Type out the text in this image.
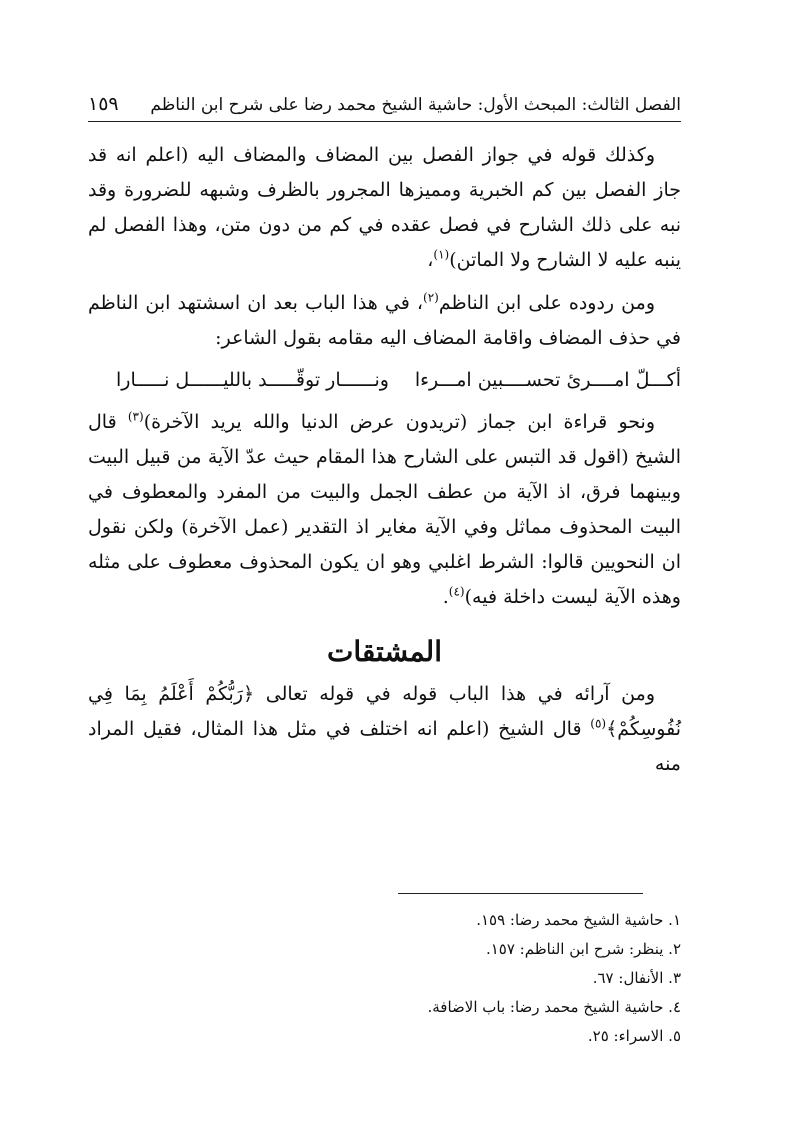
الفصل الثالث: المبحث الأول: حاشية الشيخ محمد رضا على شرح ابن الناظم
١٥٩

وكذلك قوله في جواز الفصل بين المضاف والمضاف اليه (اعلم انه قد جاز الفصل بين كم الخبرية ومميزها المجرور بالظرف وشبهه للضرورة وقد نبه على ذلك الشارح في فصل عقده في كم من دون متن، وهذا الفصل لم ينبه عليه لا الشارح ولا الماتن)$^{(١)}$،

ومن ردوده على ابن الناظم$^{(٢)}$، في هذا الباب بعد ان اسشتهد ابن الناظم في حذف المضاف واقامة المضاف اليه مقامه بقول الشاعر:

أكـــلّ امــــرئ تحســــبين امـــرءا
ونــــــار توقّـــــد بالليــــــل نـــــارا

ونحو قراءة ابن جماز (تريدون عرض الدنيا والله يريد الآخرة)$^{(٣)}$ قال الشيخ (اقول قد التبس على الشارح هذا المقام حيث عدّ الآية من قبيل البيت وبينهما فرق، اذ الآية من عطف الجمل والبيت من المفرد والمعطوف في البيت المحذوف مماثل وفي الآية مغاير اذ التقدير (عمل الآخرة) ولكن نقول ان النحويين قالوا: الشرط اغلبي وهو ان يكون المحذوف معطوف على مثله وهذه الآية ليست داخلة فيه)$^{(٤)}$.

المشتقات

ومن آرائه في هذا الباب قوله في قوله تعالى ﴿رَبُّكُمْ أَعْلَمُ بِمَا فِي نُفُوسِكُمْ﴾$^{(٥)}$ قال الشيخ (اعلم انه اختلف في مثل هذا المثال، فقيل المراد منه

١. حاشية الشيخ محمد رضا: ١٥٩.
٢. ينظر: شرح ابن الناظم: ١٥٧.
٣. الأنفال: ٦٧.
٤. حاشية الشيخ محمد رضا: باب الاضافة.
٥. الاسراء: ٢٥.
